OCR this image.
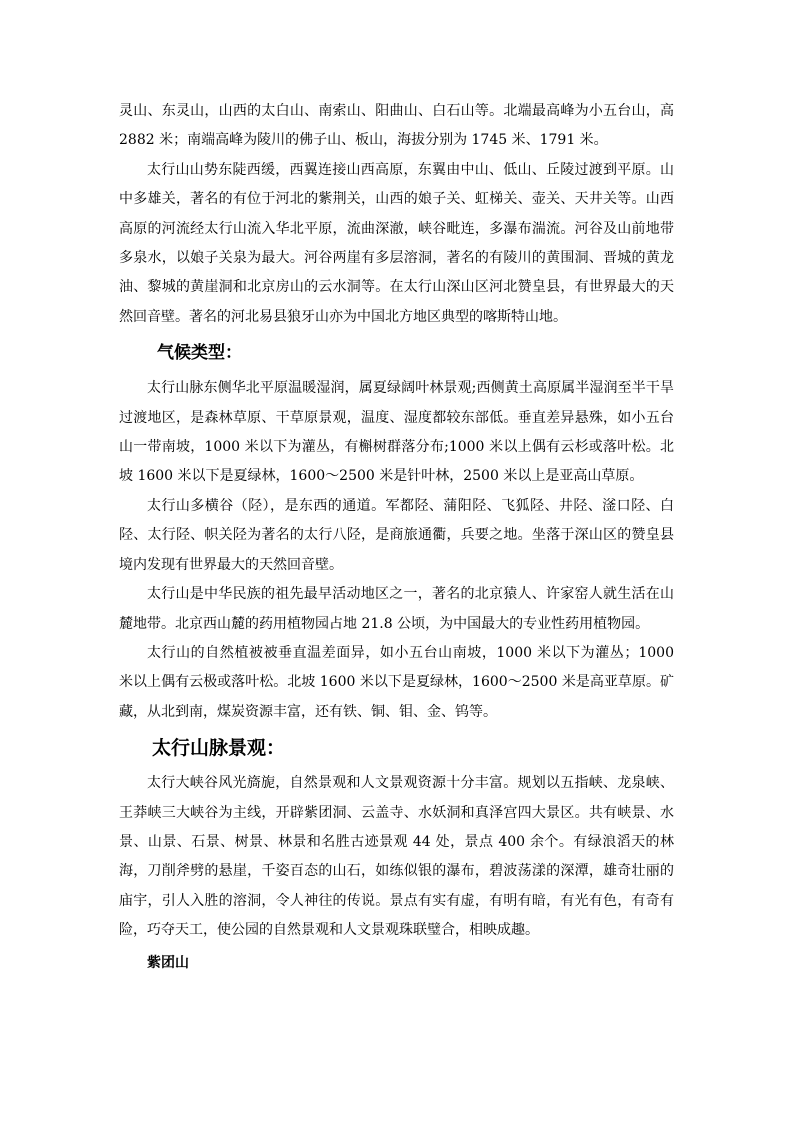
灵山、东灵山，山西的太白山、南索山、阳曲山、白石山等。北端最高峰为小五台山，高 2882 米；南端高峰为陵川的佛子山、板山，海拔分别为 1745 米、1791 米。

太行山山势东陡西缓，西翼连接山西高原，东翼由中山、低山、丘陵过渡到平原。山中多雄关，著名的有位于河北的紫荆关，山西的娘子关、虹梯关、壶关、天井关等。山西高原的河流经太行山流入华北平原，流曲深澈，峡谷毗连，多瀑布湍流。河谷及山前地带多泉水，以娘子关泉为最大。河谷两崖有多层溶洞，著名的有陵川的黄围洞、晋城的黄龙油、黎城的黄崖洞和北京房山的云水洞等。在太行山深山区河北赞皇县，有世界最大的天然回音壁。著名的河北易县狼牙山亦为中国北方地区典型的喀斯特山地。

气候类型：

太行山脉东侧华北平原温暖湿润，属夏绿阔叶林景观;西侧黄土高原属半湿润至半干旱过渡地区，是森林草原、干草原景观，温度、湿度都较东部低。垂直差异悬殊，如小五台山一带南坡，1000 米以下为灌丛，有槲树群落分布;1000 米以上偶有云杉或落叶松。北坡 1600 米以下是夏绿林，1600～2500 米是针叶林，2500 米以上是亚高山草原。

太行山多横谷（陉），是东西的通道。军都陉、蒲阳陉、飞狐陉、井陉、滏口陉、白陉、太行陉、帜关陉为著名的太行八陉，是商旅通衢，兵要之地。坐落于深山区的赞皇县境内发现有世界最大的天然回音壁。

太行山是中华民族的祖先最早活动地区之一，著名的北京猿人、许家窑人就生活在山麓地带。北京西山麓的药用植物园占地 21.8 公顷，为中国最大的专业性药用植物园。

太行山的自然植被被垂直温差面异，如小五台山南坡，1000 米以下为灌丛；1000 米以上偶有云极或落叶松。北坡 1600 米以下是夏绿林，1600～2500 米是高亚草原。矿藏，从北到南，煤炭资源丰富，还有铁、铜、钼、金、钨等。

太行山脉景观：

太行大峡谷风光旖旎，自然景观和人文景观资源十分丰富。规划以五指峡、龙泉峡、王莽峡三大峡谷为主线，开辟紫团洞、云盖寺、水妖洞和真泽宫四大景区。共有峡景、水景、山景、石景、树景、林景和名胜古迹景观 44 处，景点 400 余个。有绿浪滔天的林海，刀削斧劈的悬崖，千姿百态的山石，如练似银的瀑布，碧波荡漾的深潭，雄奇壮丽的庙宇，引人入胜的溶洞，令人神往的传说。景点有实有虚，有明有暗，有光有色，有奇有险，巧夺天工，使公园的自然景观和人文景观珠联璧合，相映成趣。

紫团山
